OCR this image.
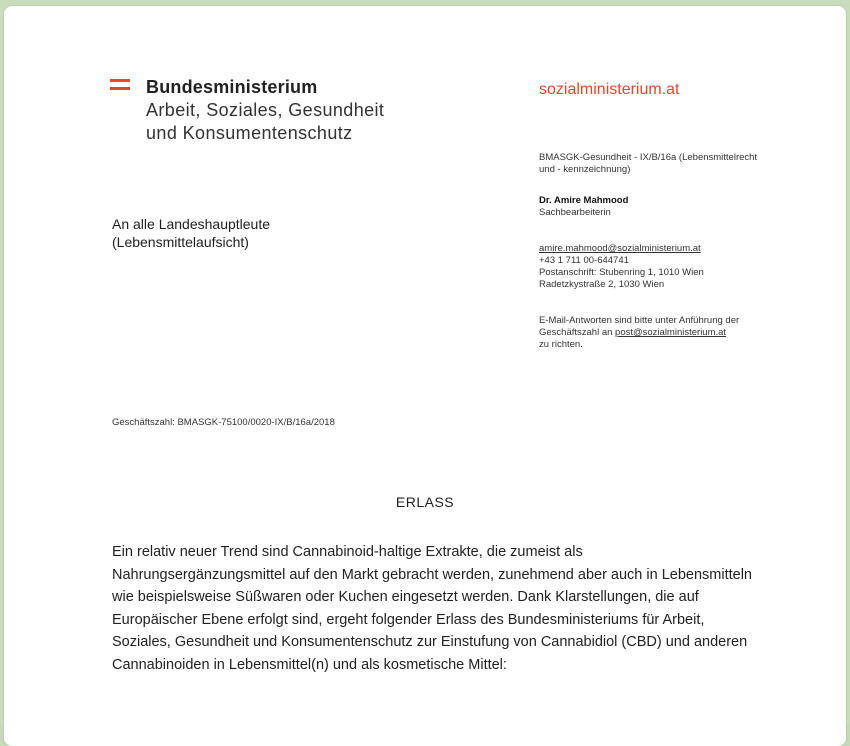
Bundesministerium
Arbeit, Soziales, Gesundheit
und Konsumentenschutz
sozialministerium.at
BMASGK-Gesundheit - IX/B/16a (Lebensmittelrecht
und - kennzeichnung)
Dr. Amire Mahmood
Sachbearbeiterin
amire.mahmood@sozialministerium.at
+43 1 711 00-644741
Postanschrift: Stubenring 1, 1010 Wien
Radetzkystraße 2, 1030 Wien
E-Mail-Antworten sind bitte unter Anführung der
Geschäftszahl an post@sozialministerium.at
zu richten.
An alle Landeshauptleute
(Lebensmittelaufsicht)
Geschäftszahl: BMASGK-75100/0020-IX/B/16a/2018
ERLASS

Ein relativ neuer Trend sind Cannabinoid-haltige Extrakte, die zumeist als Nahrungsergänzungsmittel auf den Markt gebracht werden, zunehmend aber auch in Lebensmitteln wie beispielsweise Süßwaren oder Kuchen eingesetzt werden. Dank Klarstellungen, die auf Europäischer Ebene erfolgt sind, ergeht folgender Erlass des Bundesministeriums für Arbeit, Soziales, Gesundheit und Konsumentenschutz zur Einstufung von Cannabidiol (CBD) und anderen Cannabinoiden in Lebensmittel(n) und als kosmetische Mittel:
